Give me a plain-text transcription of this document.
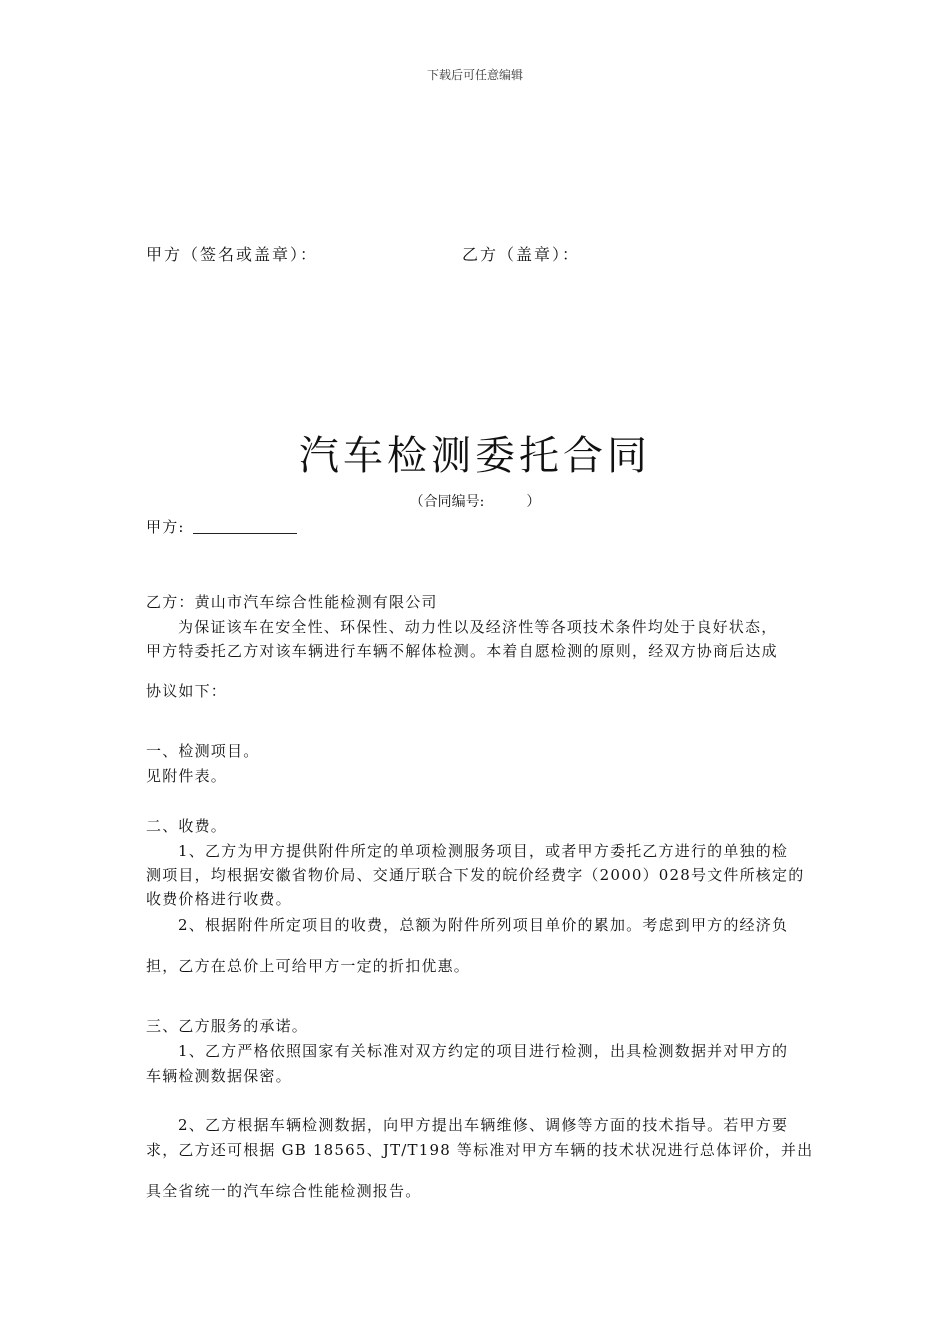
下载后可任意编辑
甲方（签名或盖章）：	乙方（盖章）：
汽车检测委托合同
（合同编号:　　　）
甲方:
乙方：黄山市汽车综合性能检测有限公司
为保证该车在安全性、环保性、动力性以及经济性等各项技术条件均处于良好状态，
甲方特委托乙方对该车辆进行车辆不解体检测。本着自愿检测的原则，经双方协商后达成
协议如下：
一、检测项目。
见附件表。
二、收费。
1、乙方为甲方提供附件所定的单项检测服务项目，或者甲方委托乙方进行的单独的检
测项目，均根据安徽省物价局、交通厅联合下发的皖价经费字（2000）028号文件所核定的
收费价格进行收费。
2、根据附件所定项目的收费，总额为附件所列项目单价的累加。考虑到甲方的经济负
担，乙方在总价上可给甲方一定的折扣优惠。
三、乙方服务的承诺。
1、乙方严格依照国家有关标准对双方约定的项目进行检测，出具检测数据并对甲方的
车辆检测数据保密。
2、乙方根据车辆检测数据，向甲方提出车辆维修、调修等方面的技术指导。若甲方要
求，乙方还可根据 GB 18565、JT/T198 等标准对甲方车辆的技术状况进行总体评价，并出
具全省统一的汽车综合性能检测报告。
